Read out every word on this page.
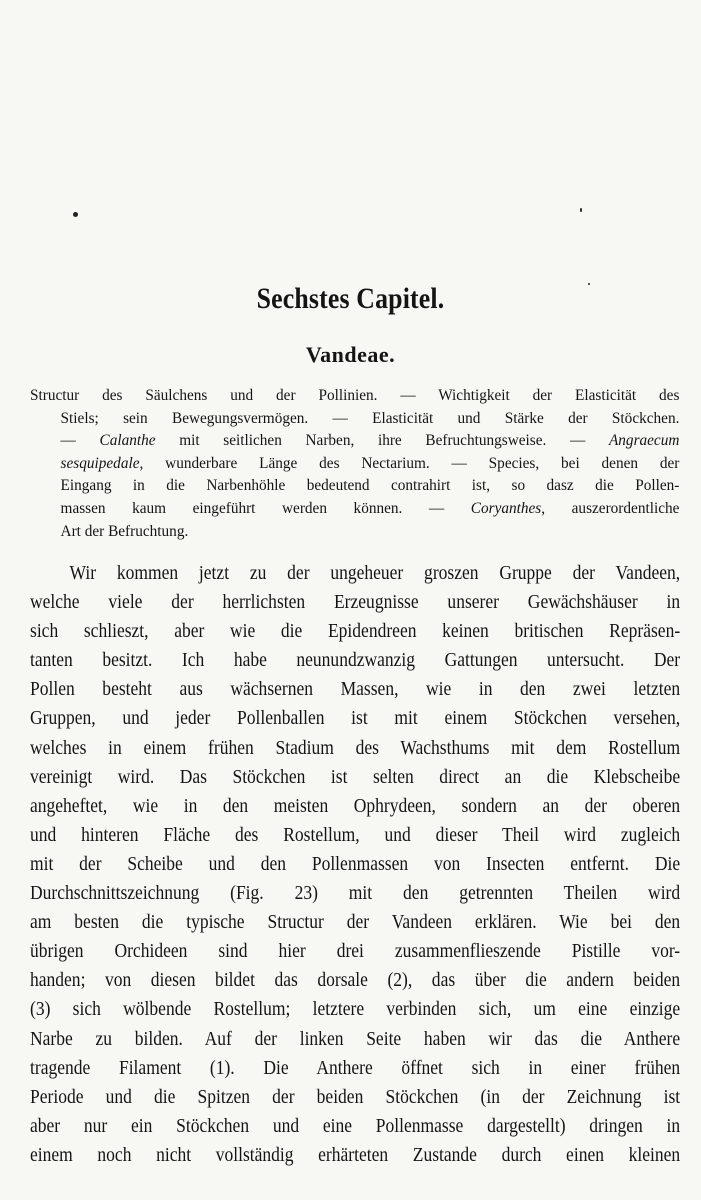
Sechstes Capitel.
Vandeae.
Structur des Säulchens und der Pollinien. — Wichtigkeit der Elasticität des
Stiels; sein Bewegungsvermögen. — Elasticität und Stärke der Stöckchen.
— Calanthe mit seitlichen Narben, ihre Befruchtungsweise. — Angraecum
sesquipedale, wunderbare Länge des Nectarium. — Species, bei denen der
Eingang in die Narbenhöhle bedeutend contrahirt ist, so dasz die Pollen-
massen kaum eingeführt werden können. — Coryanthes, auszerordentliche
Art der Befruchtung.
Wir kommen jetzt zu der ungeheuer groszen Gruppe der Vandeen,
welche viele der herrlichsten Erzeugnisse unserer Gewächshäuser in
sich schlieszt, aber wie die Epidendreen keinen britischen Repräsen-
tanten besitzt. Ich habe neunundzwanzig Gattungen untersucht. Der
Pollen besteht aus wächsernen Massen, wie in den zwei letzten
Gruppen, und jeder Pollenballen ist mit einem Stöckchen versehen,
welches in einem frühen Stadium des Wachsthums mit dem Rostellum
vereinigt wird. Das Stöckchen ist selten direct an die Klebscheibe
angeheftet, wie in den meisten Ophrydeen, sondern an der oberen
und hinteren Fläche des Rostellum, und dieser Theil wird zugleich
mit der Scheibe und den Pollenmassen von Insecten entfernt. Die
Durchschnittszeichnung (Fig. 23) mit den getrennten Theilen wird
am besten die typische Structur der Vandeen erklären. Wie bei den
übrigen Orchideen sind hier drei zusammenflieszende Pistille vor-
handen; von diesen bildet das dorsale (2), das über die andern beiden
(3) sich wölbende Rostellum; letztere verbinden sich, um eine einzige
Narbe zu bilden. Auf der linken Seite haben wir das die Anthere
tragende Filament (1). Die Anthere öffnet sich in einer frühen
Periode und die Spitzen der beiden Stöckchen (in der Zeichnung ist
aber nur ein Stöckchen und eine Pollenmasse dargestellt) dringen in
einem noch nicht vollständig erhärteten Zustande durch einen kleinen
